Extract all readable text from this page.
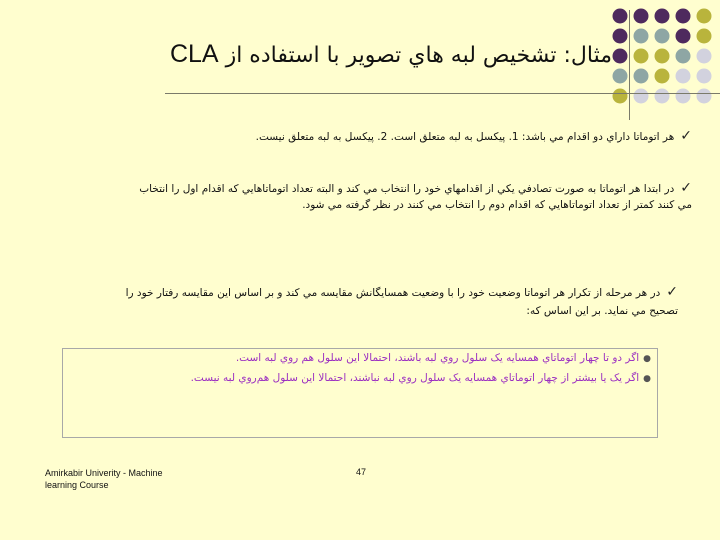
مثال: تشخيص لبه هاي تصوير با استفاده از CLA
✓هر اتوماتا داراي دو اقدام مي باشد: 1. پيكسل به لبه متعلق است. 2. پيكسل به لبه متعلق نيست.
✓در ابتدا هر اتوماتا به صورت تصادفي يكي از اقدامهاي خود را انتخاب مي كند و البته تعداد اتوماتاهايي كه اقدام اول را انتخاب
مي كنند كمتر از تعداد اتوماتاهايي كه اقدام دوم را انتخاب مي كنند در نظر گرفته مي شود.
✓در هر مرحله از تكرار هر اتوماتا وضعيت خود را با وضعيت همسايگانش مقايسه مي كند و بر اساس اين مقايسه رفتار خود را
تصحيح مي نمايد. بر اين اساس كه:
●اگر دو تا چهار اتوماتاي همسايه يک سلول روي لبه باشند، احتمالا اين سلول هم روي لبه است.
●اگر يک يا بيشتر از چهار اتوماتاي همسايه يک سلول روي لبه نباشند، احتمالا اين سلول هم‌روي لبه نيست.
Amirkabir Univerity - Machine
learning Course
47
